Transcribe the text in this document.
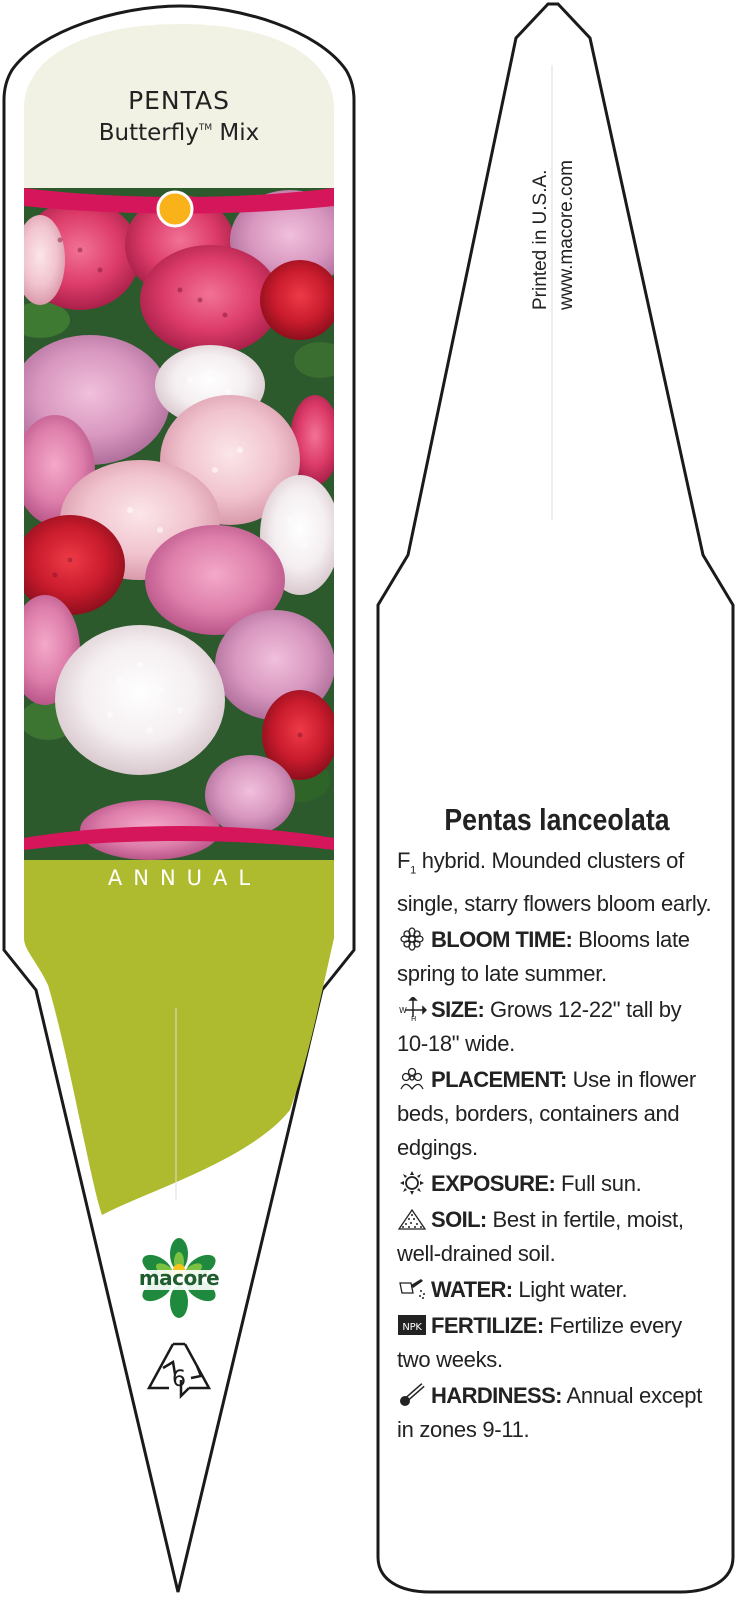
macore
6
PENTAS
Butterfly™ Mix
ANNUAL
Printed in U.S.A. www.macore.com
Pentas lanceolata
$F_1$ hybrid. Mounded clusters of single, starry flowers bloom early.
BLOOM TIME: Blooms late spring to late summer.
W
H SIZE: Grows 12-22" tall by 10-18" wide.
PLACEMENT: Use in flower beds, borders, containers and edgings.
EXPOSURE: Full sun.
SOIL: Best in fertile, moist, well-drained soil.
WATER: Light water.
NPK FERTILIZE: Fertilize every two weeks.
HARDINESS: Annual except in zones 9-11.
